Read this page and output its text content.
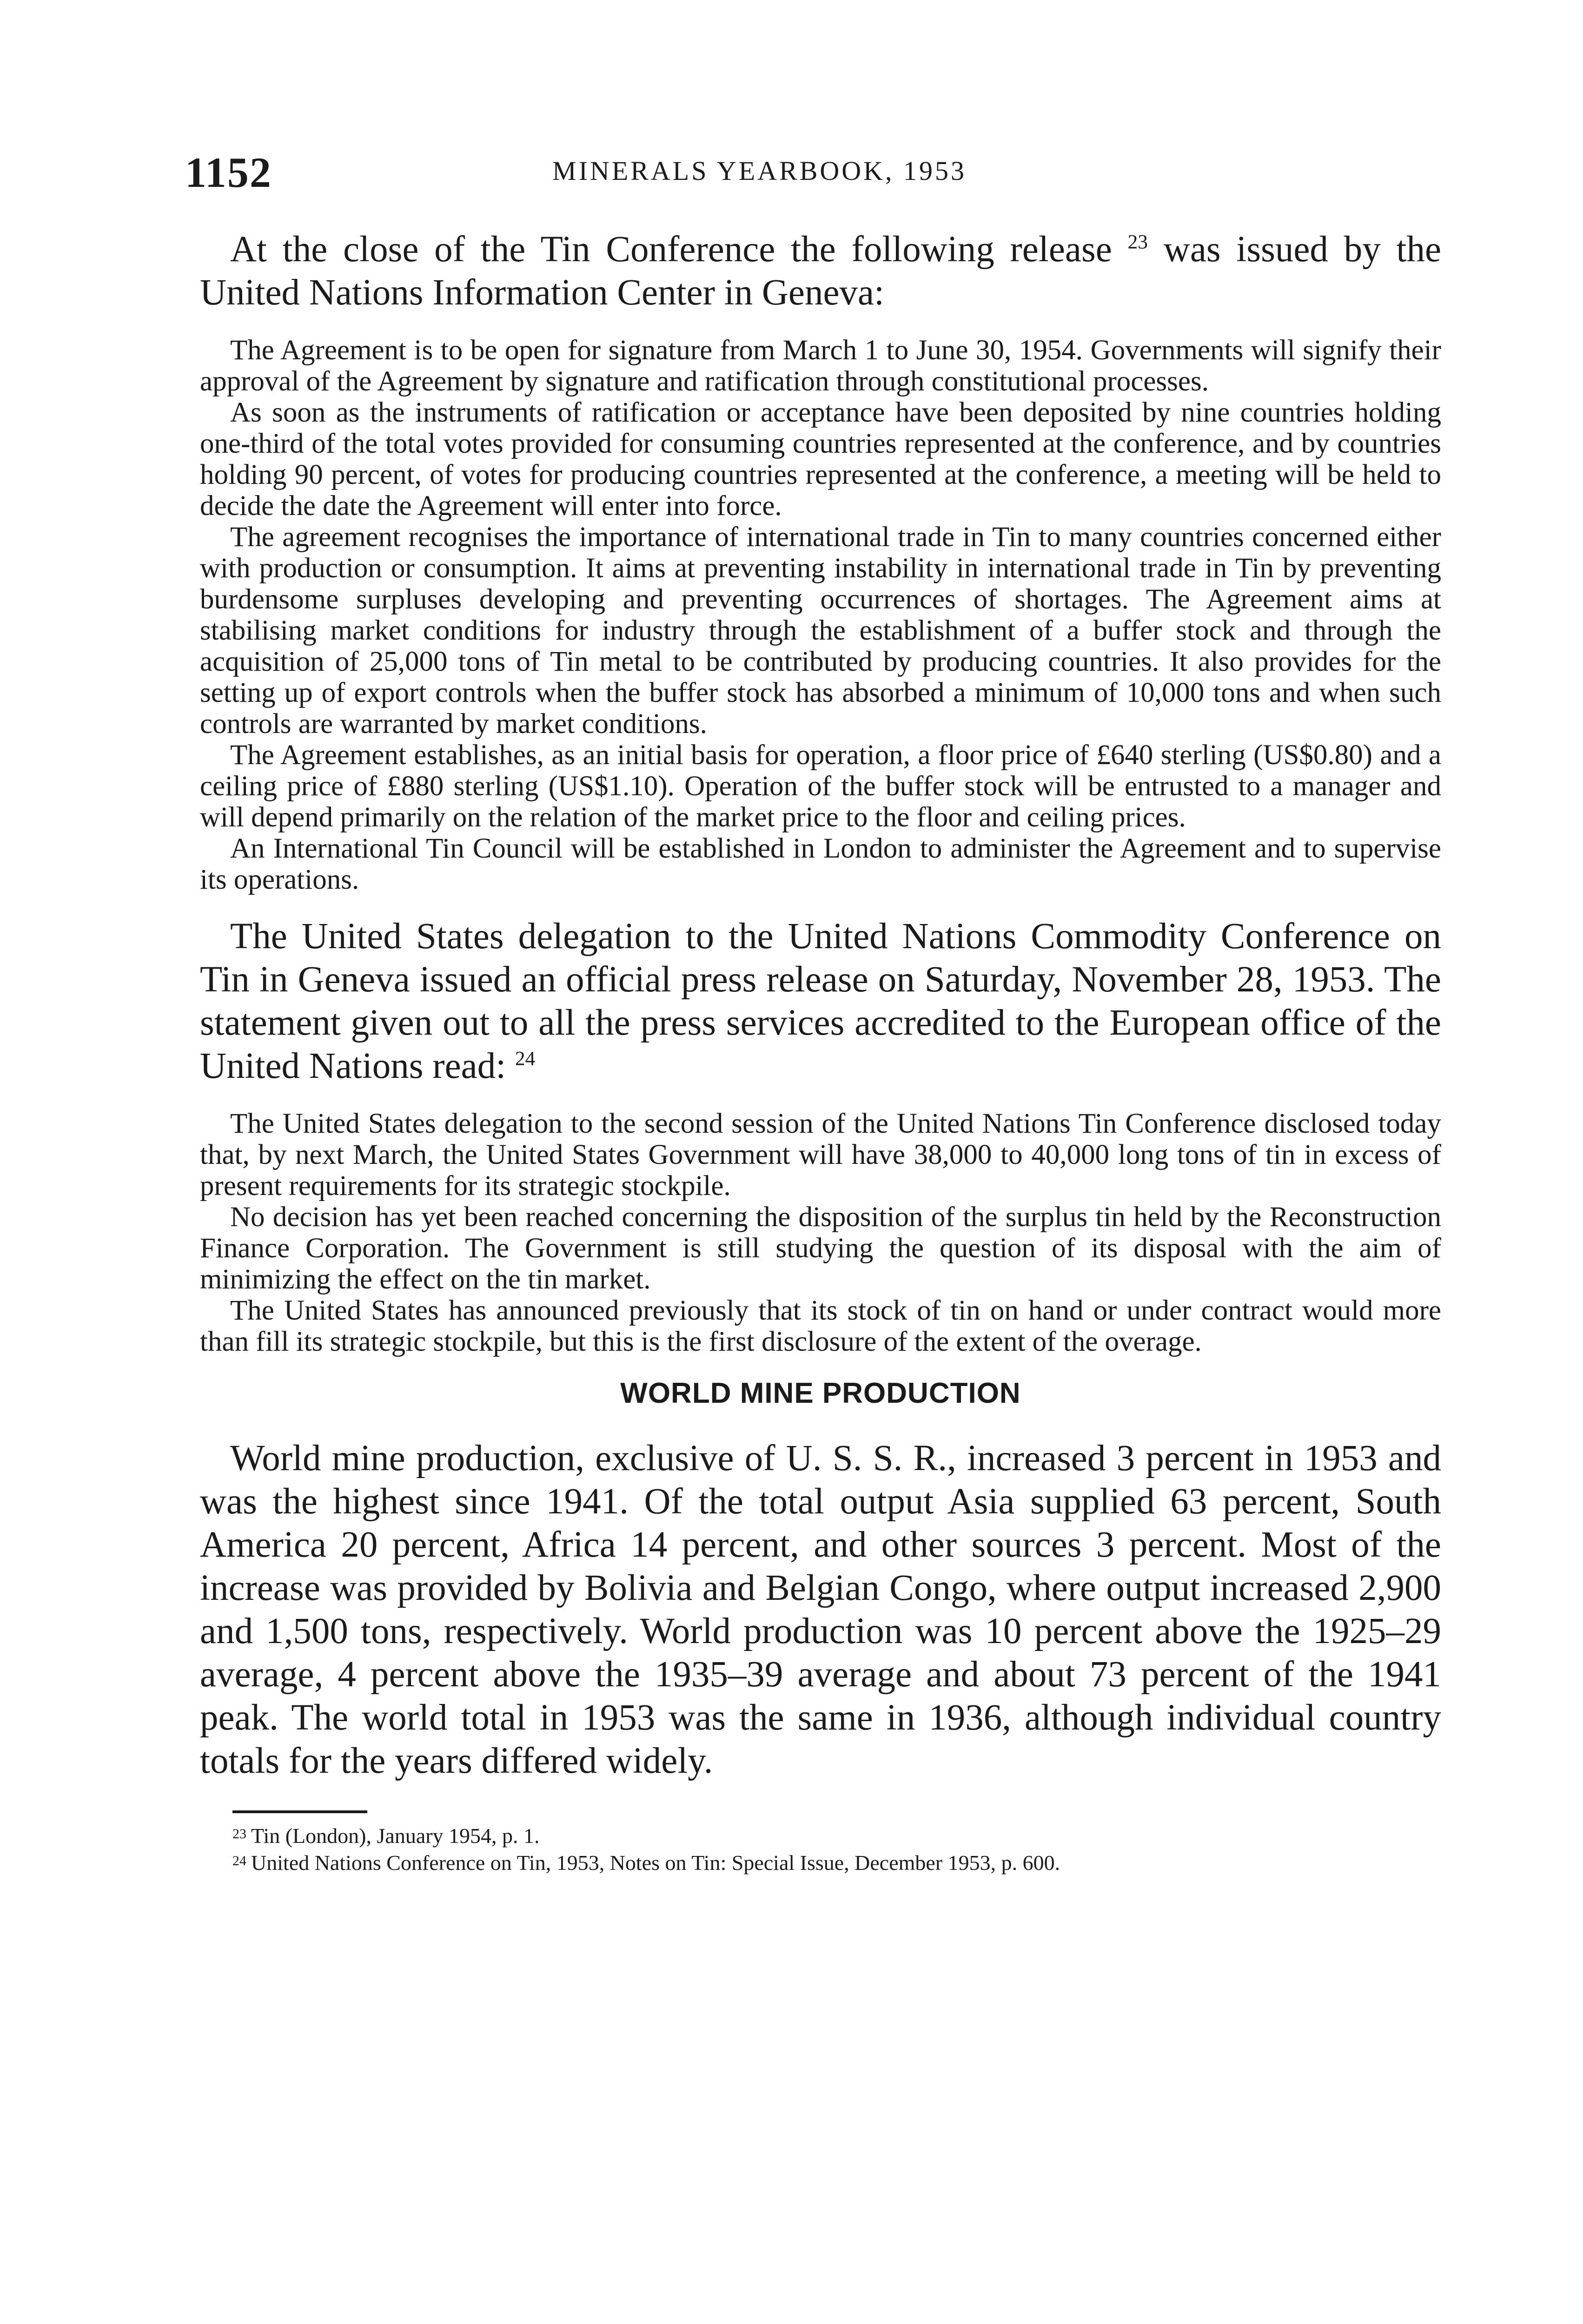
1152	MINERALS YEARBOOK, 1953

At the close of the Tin Conference the following release $^{23}$ was issued by the United Nations Information Center in Geneva:

The Agreement is to be open for signature from March 1 to June 30, 1954. Governments will signify their approval of the Agreement by signature and ratification through constitutional processes.

As soon as the instruments of ratification or acceptance have been deposited by nine countries holding one-third of the total votes provided for consuming countries represented at the conference, and by countries holding 90 percent, of votes for producing countries represented at the conference, a meeting will be held to decide the date the Agreement will enter into force.

The agreement recognises the importance of international trade in Tin to many countries concerned either with production or consumption. It aims at preventing instability in international trade in Tin by preventing burdensome surpluses developing and preventing occurrences of shortages. The Agreement aims at stabilising market conditions for industry through the establishment of a buffer stock and through the acquisition of 25,000 tons of Tin metal to be contributed by producing countries. It also provides for the setting up of export controls when the buffer stock has absorbed a minimum of 10,000 tons and when such controls are warranted by market conditions.

The Agreement establishes, as an initial basis for operation, a floor price of £640 sterling (US$0.80) and a ceiling price of £880 sterling (US$1.10). Operation of the buffer stock will be entrusted to a manager and will depend primarily on the relation of the market price to the floor and ceiling prices.

An International Tin Council will be established in London to administer the Agreement and to supervise its operations.

The United States delegation to the United Nations Commodity Conference on Tin in Geneva issued an official press release on Saturday, November 28, 1953. The statement given out to all the press services accredited to the European office of the United Nations read: $^{24}$

The United States delegation to the second session of the United Nations Tin Conference disclosed today that, by next March, the United States Government will have 38,000 to 40,000 long tons of tin in excess of present requirements for its strategic stockpile.

No decision has yet been reached concerning the disposition of the surplus tin held by the Reconstruction Finance Corporation. The Government is still studying the question of its disposal with the aim of minimizing the effect on the tin market.

The United States has announced previously that its stock of tin on hand or under contract would more than fill its strategic stockpile, but this is the first disclosure of the extent of the overage.

WORLD MINE PRODUCTION

World mine production, exclusive of U. S. S. R., increased 3 percent in 1953 and was the highest since 1941. Of the total output Asia supplied 63 percent, South America 20 percent, Africa 14 percent, and other sources 3 percent. Most of the increase was provided by Bolivia and Belgian Congo, where output increased 2,900 and 1,500 tons, respectively. World production was 10 percent above the 1925–29 average, 4 percent above the 1935–39 average and about 73 percent of the 1941 peak. The world total in 1953 was the same in 1936, although individual country totals for the years differed widely.

$^{23}$ Tin (London), January 1954, p. 1.

$^{24}$ United Nations Conference on Tin, 1953, Notes on Tin: Special Issue, December 1953, p. 600.
